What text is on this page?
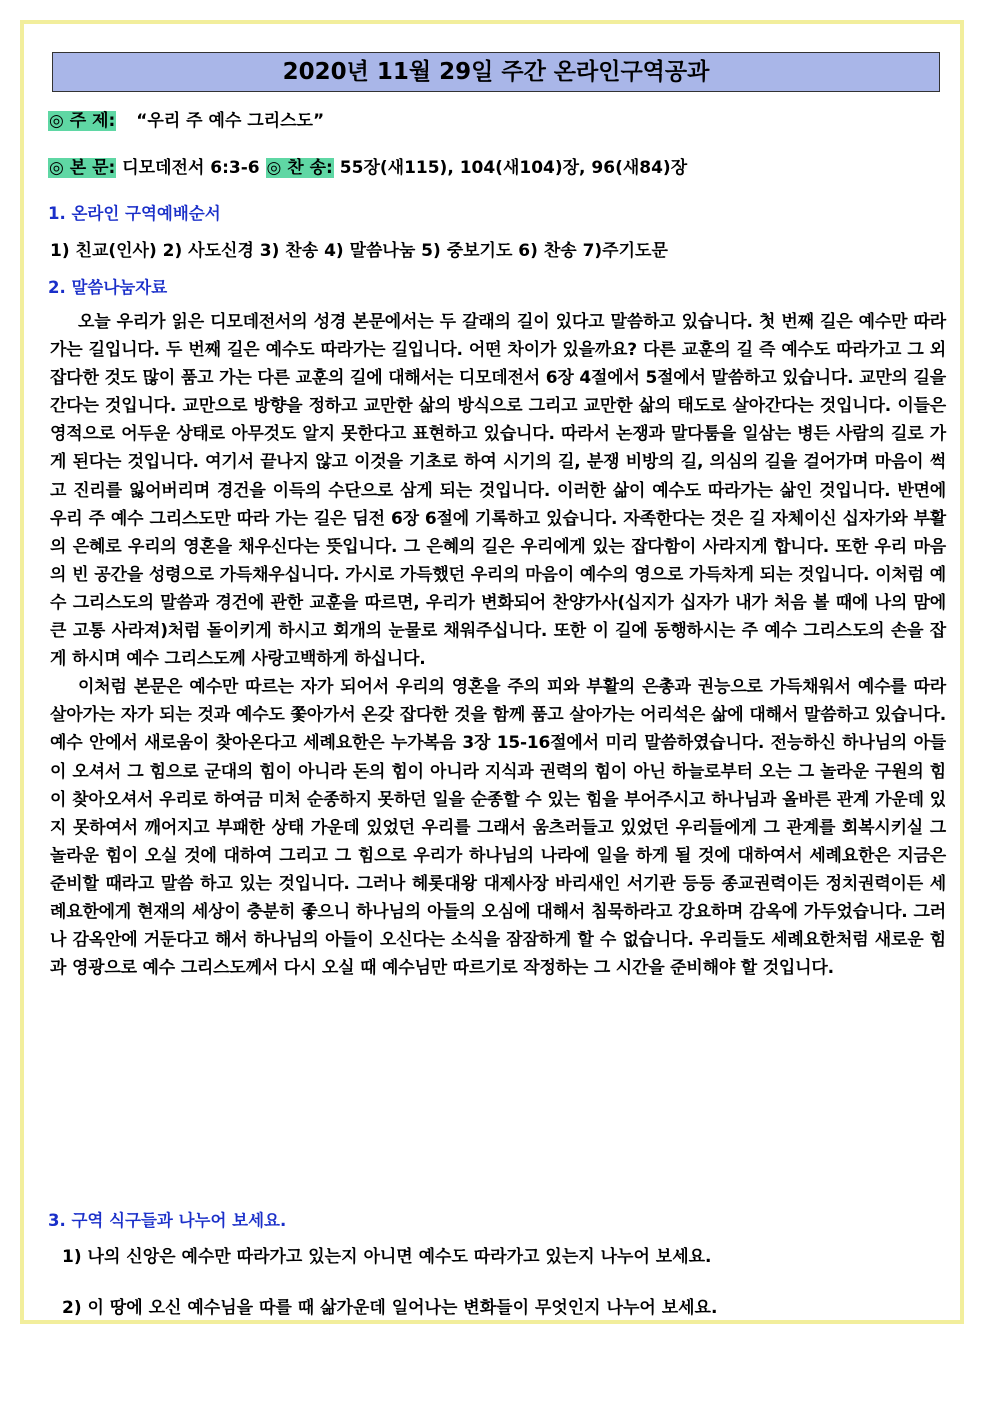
2020년 11월 29일 주간 온라인구역공과
◎ 주 제: “우리 주 예수 그리스도”
◎ 본 문: 디모데전서 6:3-6 ◎ 찬 송: 55장(새115), 104(새104)장, 96(새84)장
1. 온라인 구역예배순서
1) 친교(인사) 2) 사도신경 3) 찬송 4) 말씀나눔 5) 중보기도 6) 찬송 7)주기도문
2. 말씀나눔자료

오늘 우리가 읽은 디모데전서의 성경 본문에서는 두 갈래의 길이 있다고 말씀하고 있습니다. 첫 번째 길은 예수만 따라가는 길입니다. 두 번째 길은 예수도 따라가는 길입니다. 어떤 차이가 있을까요? 다른 교훈의 길 즉 예수도 따라가고 그 외 잡다한 것도 많이 품고 가는 다른 교훈의 길에 대해서는 디모데전서 6장 4절에서 5절에서 말씀하고 있습니다. 교만의 길을 간다는 것입니다. 교만으로 방향을 정하고 교만한 삶의 방식으로 그리고 교만한 삶의 태도로 살아간다는 것입니다. 이들은 영적으로 어두운 상태로 아무것도 알지 못한다고 표현하고 있습니다. 따라서 논쟁과 말다툼을 일삼는 병든 사람의 길로 가게 된다는 것입니다. 여기서 끝나지 않고 이것을 기초로 하여 시기의 길, 분쟁 비방의 길, 의심의 길을 걸어가며 마음이 썩고 진리를 잃어버리며 경건을 이득의 수단으로 삼게 되는 것입니다. 이러한 삶이 예수도 따라가는 삶인 것입니다. 반면에 우리 주 예수 그리스도만 따라 가는 길은 딤전 6장 6절에 기록하고 있습니다. 자족한다는 것은 길 자체이신 십자가와 부활의 은혜로 우리의 영혼을 채우신다는 뜻입니다. 그 은혜의 길은 우리에게 있는 잡다함이 사라지게 합니다. 또한 우리 마음의 빈 공간을 성령으로 가득채우십니다. 가시로 가득했던 우리의 마음이 예수의 영으로 가득차게 되는 것입니다. 이처럼 예수 그리스도의 말씀과 경건에 관한 교훈을 따르면, 우리가 변화되어 찬양가사(십지가 십자가 내가 처음 볼 때에 나의 맘에 큰 고통 사라져)처럼 돌이키게 하시고 회개의 눈물로 채워주십니다. 또한 이 길에 동행하시는 주 예수 그리스도의 손을 잡게 하시며 예수 그리스도께 사랑고백하게 하십니다.

이처럼 본문은 예수만 따르는 자가 되어서 우리의 영혼을 주의 피와 부활의 은총과 권능으로 가득채워서 예수를 따라 살아가는 자가 되는 것과 예수도 쫓아가서 온갖 잡다한 것을 함께 품고 살아가는 어리석은 삶에 대해서 말씀하고 있습니다. 예수 안에서 새로움이 찾아온다고 세례요한은 누가복음 3장 15-16절에서 미리 말씀하였습니다. 전능하신 하나님의 아들이 오셔서 그 힘으로 군대의 힘이 아니라 돈의 힘이 아니라 지식과 권력의 힘이 아닌 하늘로부터 오는 그 놀라운 구원의 힘이 찾아오셔서 우리로 하여금 미처 순종하지 못하던 일을 순종할 수 있는 힘을 부어주시고 하나님과 올바른 관계 가운데 있지 못하여서 깨어지고 부패한 상태 가운데 있었던 우리를 그래서 움츠러들고 있었던 우리들에게 그 관계를 회복시키실 그 놀라운 힘이 오실 것에 대하여 그리고 그 힘으로 우리가 하나님의 나라에 일을 하게 될 것에 대하여서 세례요한은 지금은 준비할 때라고 말씀 하고 있는 것입니다. 그러나 헤롯대왕 대제사장 바리새인 서기관 등등 종교권력이든 정치권력이든 세례요한에게 현재의 세상이 충분히 좋으니 하나님의 아들의 오심에 대해서 침묵하라고 강요하며 감옥에 가두었습니다. 그러나 감옥안에 거둔다고 해서 하나님의 아들이 오신다는 소식을 잠잠하게 할 수 없습니다. 우리들도 세례요한처럼 새로운 힘과 영광으로 예수 그리스도께서 다시 오실 때 예수님만 따르기로 작정하는 그 시간을 준비해야 할 것입니다.

3. 구역 식구들과 나누어 보세요.
1) 나의 신앙은 예수만 따라가고 있는지 아니면 예수도 따라가고 있는지 나누어 보세요.
2) 이 땅에 오신 예수님을 따를 때 삶가운데 일어나는 변화들이 무엇인지 나누어 보세요.
